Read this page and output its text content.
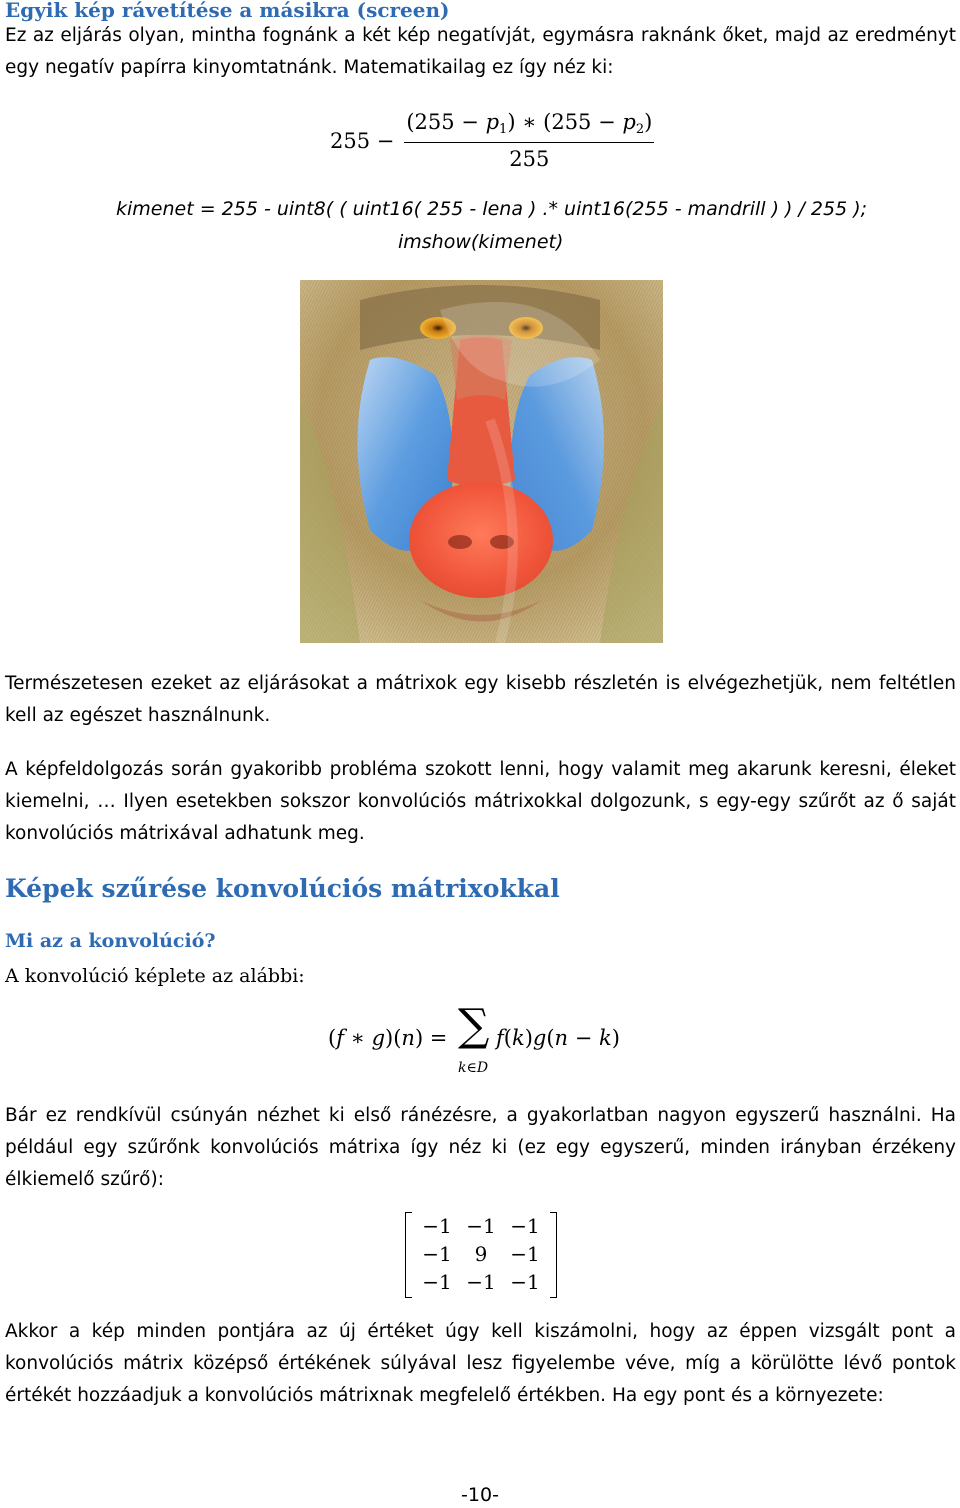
Egyik kép rávetítése a másikra (screen)

Ez az eljárás olyan, mintha fognánk a két kép negatívját, egymásra raknánk őket, majd az eredményt egy negatív papírra kinyomtatnánk. Matematikailag ez így néz ki:

$255 - \frac{(255 - p_1) ∗ (255 - p_2)}{255}$
kimenet = 255 - uint8( ( uint16( 255 - lena ) .* uint16(255 - mandrill ) ) / 255 );
imshow(kimenet)

Természetesen ezeket az eljárásokat a mátrixok egy kisebb részletén is elvégezhetjük, nem feltétlen kell az egészet használnunk.

A képfeldolgozás során gyakoribb probléma szokott lenni, hogy valamit meg akarunk keresni, éleket kiemelni, … Ilyen esetekben sokszor konvolúciós mátrixokkal dolgozunk, s egy-egy szűrőt az ő saját konvolúciós mátrixával adhatunk meg.

Képek szűrése konvolúciós mátrixokkal
Mi az a konvolúció?

A konvolúció képlete az alábbi:

(𝑓 ∗ 𝑔)(𝑛) = ∑
𝑘∈𝐷
𝑓(𝑘)𝑔(𝑛 − 𝑘)

Bár ez rendkívül csúnyán nézhet ki első ránézésre, a gyakorlatban nagyon egyszerű használni. Ha például egy szűrőnk konvolúciós mátrixa így néz ki (ez egy egyszerű, minden irányban érzékeny élkiemelő szűrő):

−1 −1 −1
−1	9	−1
−1 −1 −1

Akkor a kép minden pontjára az új értéket úgy kell kiszámolni, hogy az éppen vizsgált pont a konvolúciós mátrix középső értékének súlyával lesz figyelembe véve, míg a körülötte lévő pontok értékét hozzáadjuk a konvolúciós mátrixnak megfelelő értékben. Ha egy pont és a környezete:

-10-
